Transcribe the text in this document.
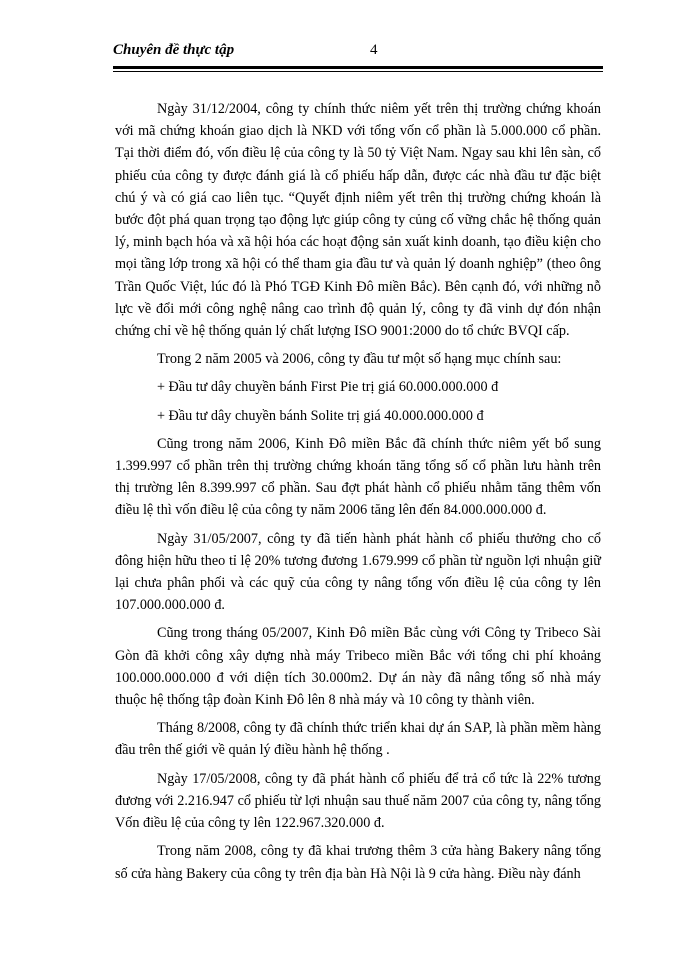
Chuyên đề thực tập	4

Ngày 31/12/2004, công ty chính thức niêm yết trên thị trường chứng khoán với mã chứng khoán giao dịch là NKD với tổng vốn cổ phần là 5.000.000 cổ phần. Tại thời điểm đó, vốn điều lệ của công ty là 50 tỷ Việt Nam. Ngay sau khi lên sàn, cổ phiếu của công ty được đánh giá là cổ phiếu hấp dẫn, được các nhà đầu tư đặc biệt chú ý và có giá cao liên tục. “Quyết định niêm yết trên thị trường chứng khoán là bước đột phá quan trọng tạo động lực giúp công ty củng cố vững chắc hệ thống quản lý, minh bạch hóa và xã hội hóa các hoạt động sản xuất kinh doanh, tạo điều kiện cho mọi tầng lớp trong xã hội có thể tham gia đầu tư và quản lý doanh nghiệp” (theo ông Trần Quốc Việt, lúc đó là Phó TGĐ Kinh Đô miền Bắc). Bên cạnh đó, với những nỗ lực về đổi mới công nghệ nâng cao trình độ quản lý, công ty đã vinh dự đón nhận chứng chỉ về hệ thống quản lý chất lượng ISO 9001:2000 do tổ chức BVQI cấp.

Trong 2 năm 2005 và 2006, công ty đầu tư một số hạng mục chính sau:

+ Đầu tư dây chuyền bánh First Pie trị giá 60.000.000.000 đ

+ Đầu tư dây chuyền bánh Solite trị giá 40.000.000.000 đ

Cũng trong năm 2006, Kinh Đô miền Bắc đã chính thức niêm yết bổ sung 1.399.997 cổ phần trên thị trường chứng khoán tăng tổng số cổ phần lưu hành trên thị trường lên 8.399.997 cổ phần. Sau đợt phát hành cổ phiếu nhằm tăng thêm vốn điều lệ thì vốn điều lệ của công ty năm 2006 tăng lên đến 84.000.000.000 đ.

Ngày 31/05/2007, công ty đã tiến hành phát hành cổ phiếu thưởng cho cổ đông hiện hữu theo tỉ lệ 20% tương đương 1.679.999 cổ phần từ nguồn lợi nhuận giữ lại chưa phân phối và các quỹ của công ty nâng tổng vốn điều lệ của công ty lên 107.000.000.000 đ.

Cũng trong tháng 05/2007, Kinh Đô miền Bắc cùng với Công ty Tribeco Sài Gòn đã khởi công xây dựng nhà máy Tribeco miền Bắc với tổng chi phí khoảng 100.000.000.000 đ với diện tích 30.000m2. Dự án này đã nâng tổng số nhà máy thuộc hệ thống tập đoàn Kinh Đô lên 8 nhà máy và 10 công ty thành viên.

Tháng 8/2008, công ty đã chính thức triển khai dự án SAP, là phần mềm hàng đầu trên thế giới về quản lý điều hành hệ thống .

Ngày 17/05/2008, công ty đã phát hành cổ phiếu để trả cổ tức là 22% tương đương với 2.216.947 cổ phiếu từ lợi nhuận sau thuế năm 2007 của công ty, nâng tổng Vốn điều lệ của công ty lên 122.967.320.000 đ.

Trong năm 2008, công ty đã khai trương thêm 3 cửa hàng Bakery nâng tổng số cửa hàng Bakery của công ty trên địa bàn Hà Nội là 9 cửa hàng. Điều này đánh
